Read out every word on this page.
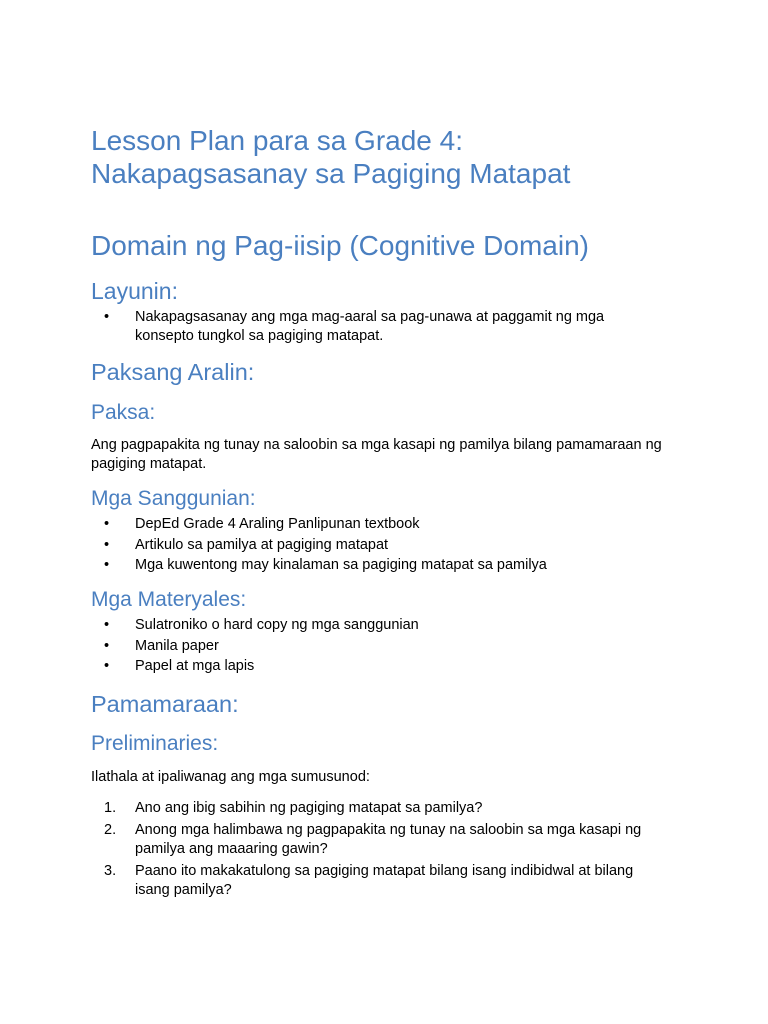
Lesson Plan para sa Grade 4:
Nakapagsasanay sa Pagiging Matapat
Domain ng Pag-iisip (Cognitive Domain)
Layunin:
•	Nakapagsasanay ang mga mag-aaral sa pag-unawa at paggamit ng mga konsepto tungkol sa pagiging matapat.
Paksang Aralin:
Paksa:

Ang pagpapakita ng tunay na saloobin sa mga kasapi ng pamilya bilang pamamaraan ng pagiging matapat.

Mga Sanggunian:
•	DepEd Grade 4 Araling Panlipunan textbook
•	Artikulo sa pamilya at pagiging matapat
•	Mga kuwentong may kinalaman sa pagiging matapat sa pamilya
Mga Materyales:
•	Sulatroniko o hard copy ng mga sanggunian
•	Manila paper
•	Papel at mga lapis
Pamamaraan:
Preliminaries:

Ilathala at ipaliwanag ang mga sumusunod:

1.	Ano ang ibig sabihin ng pagiging matapat sa pamilya?
2.	Anong mga halimbawa ng pagpapakita ng tunay na saloobin sa mga kasapi ng pamilya ang maaaring gawin?
3.	Paano ito makakatulong sa pagiging matapat bilang isang indibidwal at bilang isang pamilya?
